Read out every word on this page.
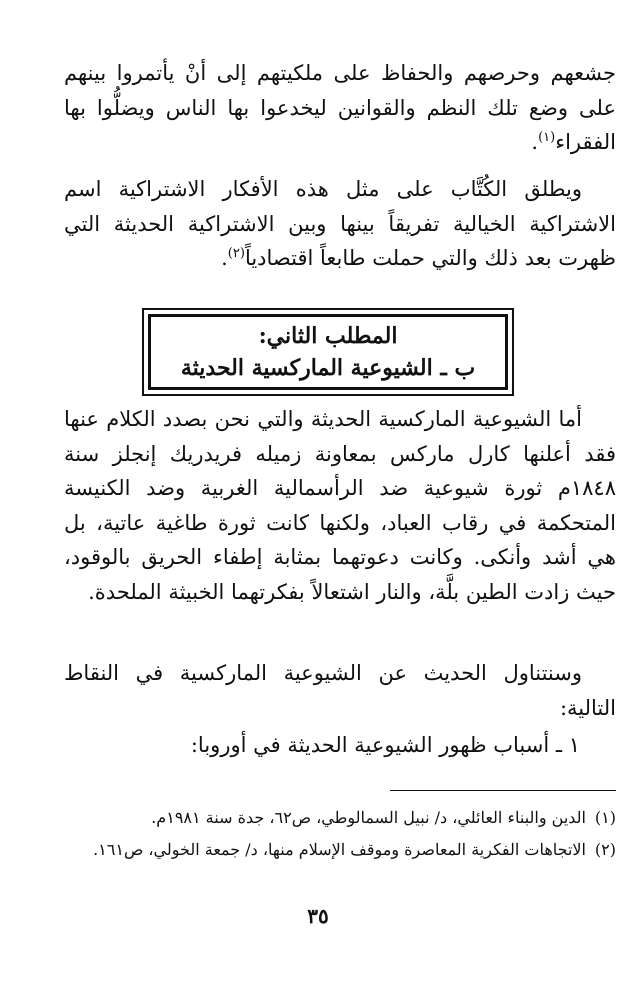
جشعهم وحرصهم والحفاظ على ملكيتهم إلى أنْ يأتمروا بينهم على وضع تلك النظم والقوانين ليخدعوا بها الناس ويضلُّوا بها الفقراء$^{(١)}$.

ويطلق الكُتَّاب على مثل هذه الأفكار الاشتراكية اسم الاشتراكية الخيالية تفريقاً بينها وبين الاشتراكية الحديثة التي ظهرت بعد ذلك والتي حملت طابعاً اقتصادياً$^{(٢)}$.

المطلب الثاني:
ب ـ الشيوعية الماركسية الحديثة

أما الشيوعية الماركسية الحديثة والتي نحن بصدد الكلام عنها فقد أعلنها كارل ماركس بمعاونة زميله فريدريك إنجلز سنة ١٨٤٨م ثورة شيوعية ضد الرأسمالية الغربية وضد الكنيسة المتحكمة في رقاب العباد، ولكنها كانت ثورة طاغية عاتية، بل هي أشد وأنكى. وكانت دعوتهما بمثابة إطفاء الحريق بالوقود، حيث زادت الطين بلَّة، والنار اشتعالاً بفكرتهما الخبيثة الملحدة.

وسنتناول الحديث عن الشيوعية الماركسية في النقاط التالية:

١ ـ أسباب ظهور الشيوعية الحديثة في أوروبا:

(١)
الدين والبناء العائلي، د/ نبيل السمالوطي، ص٦٢، جدة سنة ١٩٨١م.

(٢)
الاتجاهات الفكرية المعاصرة وموقف الإسلام منها، د/ جمعة الخولي، ص١٦١.

٣٥
